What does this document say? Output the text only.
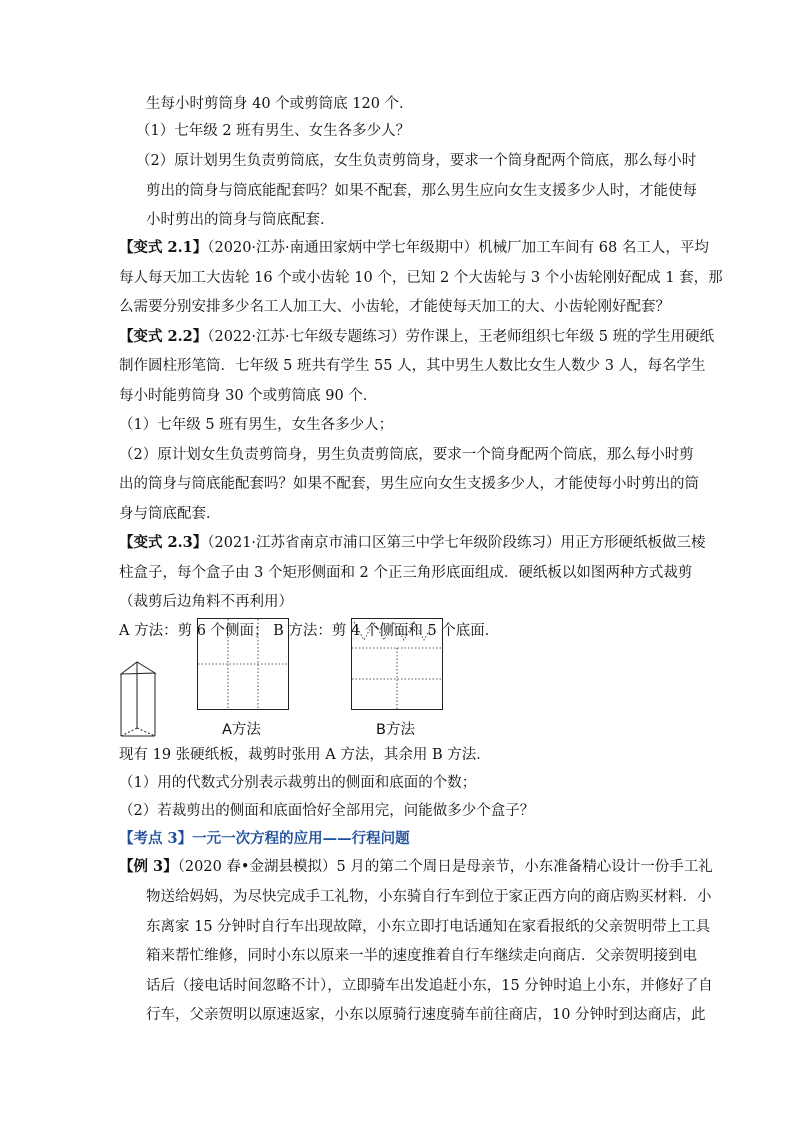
生每小时剪筒身 40 个或剪筒底 120 个．
（1）七年级 2 班有男生、女生各多少人？
（2）原计划男生负责剪筒底，女生负责剪筒身，要求一个筒身配两个筒底，那么每小时
剪出的筒身与筒底能配套吗？如果不配套，那么男生应向女生支援多少人时，才能使每
小时剪出的筒身与筒底配套．
【变式 2.1】（2020·江苏·南通田家炳中学七年级期中）机械厂加工车间有 68 名工人，平均
每人每天加工大齿轮 16 个或小齿轮 10 个，已知 2 个大齿轮与 3 个小齿轮刚好配成 1 套，那
么需要分别安排多少名工人加工大、小齿轮，才能使每天加工的大、小齿轮刚好配套？
【变式 2.2】（2022·江苏·七年级专题练习）劳作课上，王老师组织七年级 5 班的学生用硬纸
制作圆柱形笔筒．七年级 5 班共有学生 55 人，其中男生人数比女生人数少 3 人，每名学生
每小时能剪筒身 30 个或剪筒底 90 个．
（1）七年级 5 班有男生，女生各多少人；
（2）原计划女生负责剪筒身，男生负责剪筒底，要求一个筒身配两个筒底，那么每小时剪
出的筒身与筒底能配套吗？如果不配套，男生应向女生支援多少人，才能使每小时剪出的筒
身与筒底配套．
【变式 2.3】（2021·江苏省南京市浦口区第三中学七年级阶段练习）用正方形硬纸板做三棱
柱盒子，每个盒子由 3 个矩形侧面和 2 个正三角形底面组成．硬纸板以如图两种方式裁剪
（裁剪后边角料不再利用）
A 方法：剪 6 个侧面； B 方法：剪 4 个侧面和 5 个底面．
A方法	B方法
现有 19 张硬纸板，裁剪时张用 A 方法，其余用 B 方法．
（1）用的代数式分别表示裁剪出的侧面和底面的个数；
（2）若裁剪出的侧面和底面恰好全部用完，问能做多少个盒子？
【考点 3】一元一次方程的应用——行程问题
【例 3】（2020 春•金湖县模拟）5 月的第二个周日是母亲节，小东准备精心设计一份手工礼
物送给妈妈，为尽快完成手工礼物，小东骑自行车到位于家正西方向的商店购买材料．小
东离家 15 分钟时自行车出现故障，小东立即打电话通知在家看报纸的父亲贺明带上工具
箱来帮忙维修，同时小东以原来一半的速度推着自行车继续走向商店．父亲贺明接到电
话后（接电话时间忽略不计），立即骑车出发追赶小东，15 分钟时追上小东，并修好了自
行车，父亲贺明以原速返家，小东以原骑行速度骑车前往商店，10 分钟时到达商店，此
